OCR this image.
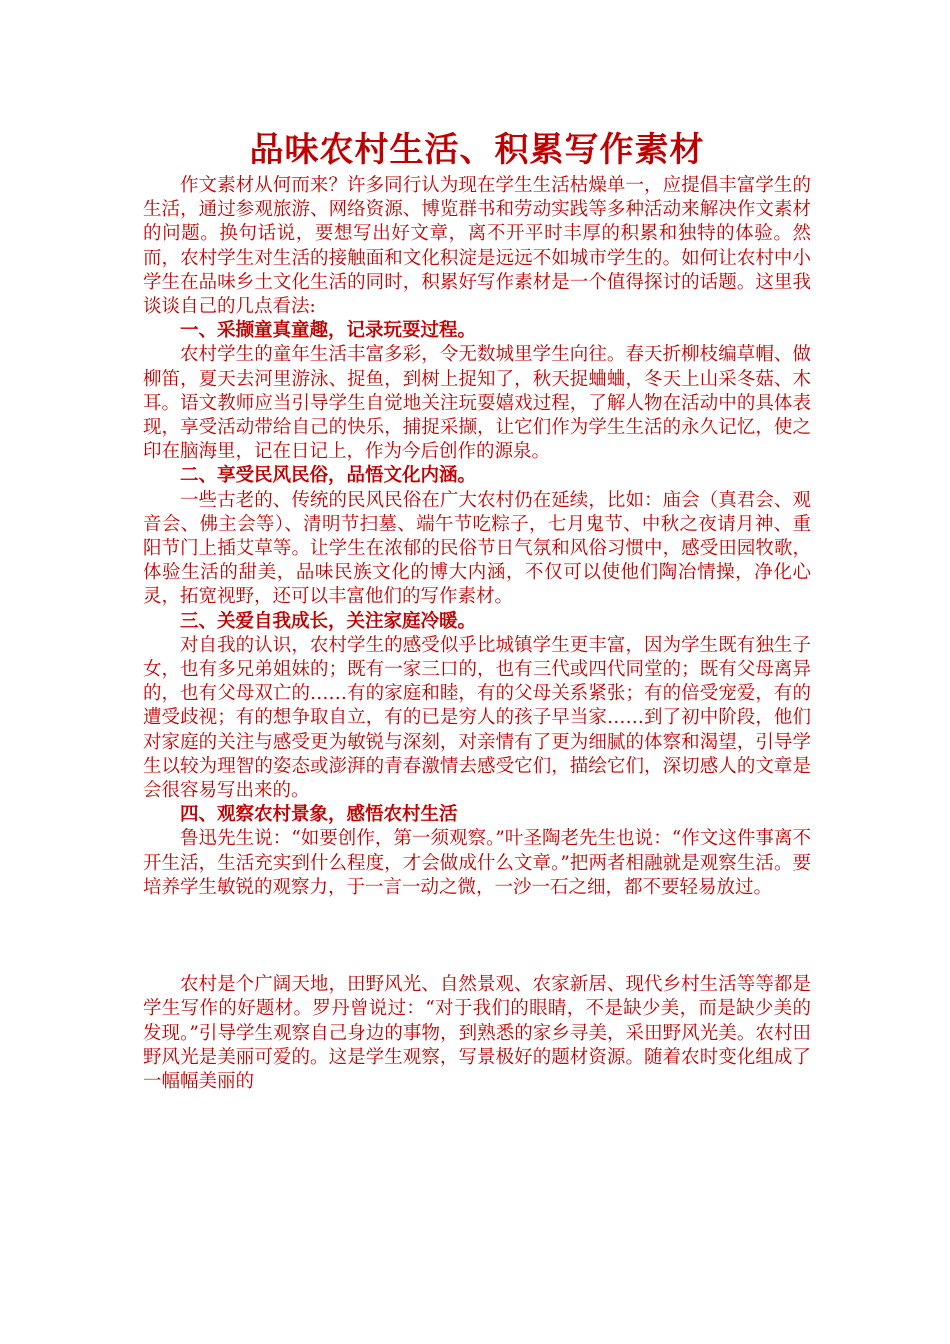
品味农村生活、积累写作素材

作文素材从何而来？许多同行认为现在学生生活枯燥单一，应提倡丰富学生的生活，通过参观旅游、网络资源、博览群书和劳动实践等多种活动来解决作文素材的问题。换句话说，要想写出好文章，离不开平时丰厚的积累和独特的体验。然而，农村学生对生活的接触面和文化积淀是远远不如城市学生的。如何让农村中小学生在品味乡土文化生活的同时，积累好写作素材是一个值得探讨的话题。这里我谈谈自己的几点看法:

一、采撷童真童趣，记录玩耍过程。

农村学生的童年生活丰富多彩，令无数城里学生向往。春天折柳枝编草帽、做柳笛，夏天去河里游泳、捉鱼，到树上捉知了，秋天捉蛐蛐，冬天上山采冬菇、木耳。语文教师应当引导学生自觉地关注玩耍嬉戏过程，了解人物在活动中的具体表现，享受活动带给自己的快乐，捕捉采撷，让它们作为学生生活的永久记忆，使之印在脑海里，记在日记上，作为今后创作的源泉。

二、享受民风民俗，品悟文化内涵。

一些古老的、传统的民风民俗在广大农村仍在延续，比如：庙会（真君会、观音会、佛主会等）、清明节扫墓、端午节吃粽子，七月鬼节、中秋之夜请月神、重阳节门上插艾草等。让学生在浓郁的民俗节日气氛和风俗习惯中，感受田园牧歌，体验生活的甜美，品味民族文化的博大内涵，不仅可以使他们陶冶情操，净化心灵，拓宽视野，还可以丰富他们的写作素材。

三、关爱自我成长，关注家庭冷暖。

对自我的认识，农村学生的感受似乎比城镇学生更丰富，因为学生既有独生子女，也有多兄弟姐妹的；既有一家三口的，也有三代或四代同堂的；既有父母离异的，也有父母双亡的……有的家庭和睦，有的父母关系紧张；有的倍受宠爱，有的遭受歧视；有的想争取自立，有的已是穷人的孩子早当家……到了初中阶段，他们对家庭的关注与感受更为敏锐与深刻，对亲情有了更为细腻的体察和渴望，引导学生以较为理智的姿态或澎湃的青春激情去感受它们，描绘它们，深切感人的文章是会很容易写出来的。

四、观察农村景象，感悟农村生活

鲁迅先生说：“如要创作，第一须观察。”叶圣陶老先生也说：“作文这件事离不开生活，生活充实到什么程度，才会做成什么文章。”把两者相融就是观察生活。要培养学生敏锐的观察力，于一言一动之微，一沙一石之细，都不要轻易放过。

农村是个广阔天地，田野风光、自然景观、农家新居、现代乡村生活等等都是学生写作的好题材。罗丹曾说过：“对于我们的眼睛，不是缺少美，而是缺少美的发现。”引导学生观察自己身边的事物，到熟悉的家乡寻美，采田野风光美。农村田野风光是美丽可爱的。这是学生观察，写景极好的题材资源。随着农时变化组成了一幅幅美丽的
